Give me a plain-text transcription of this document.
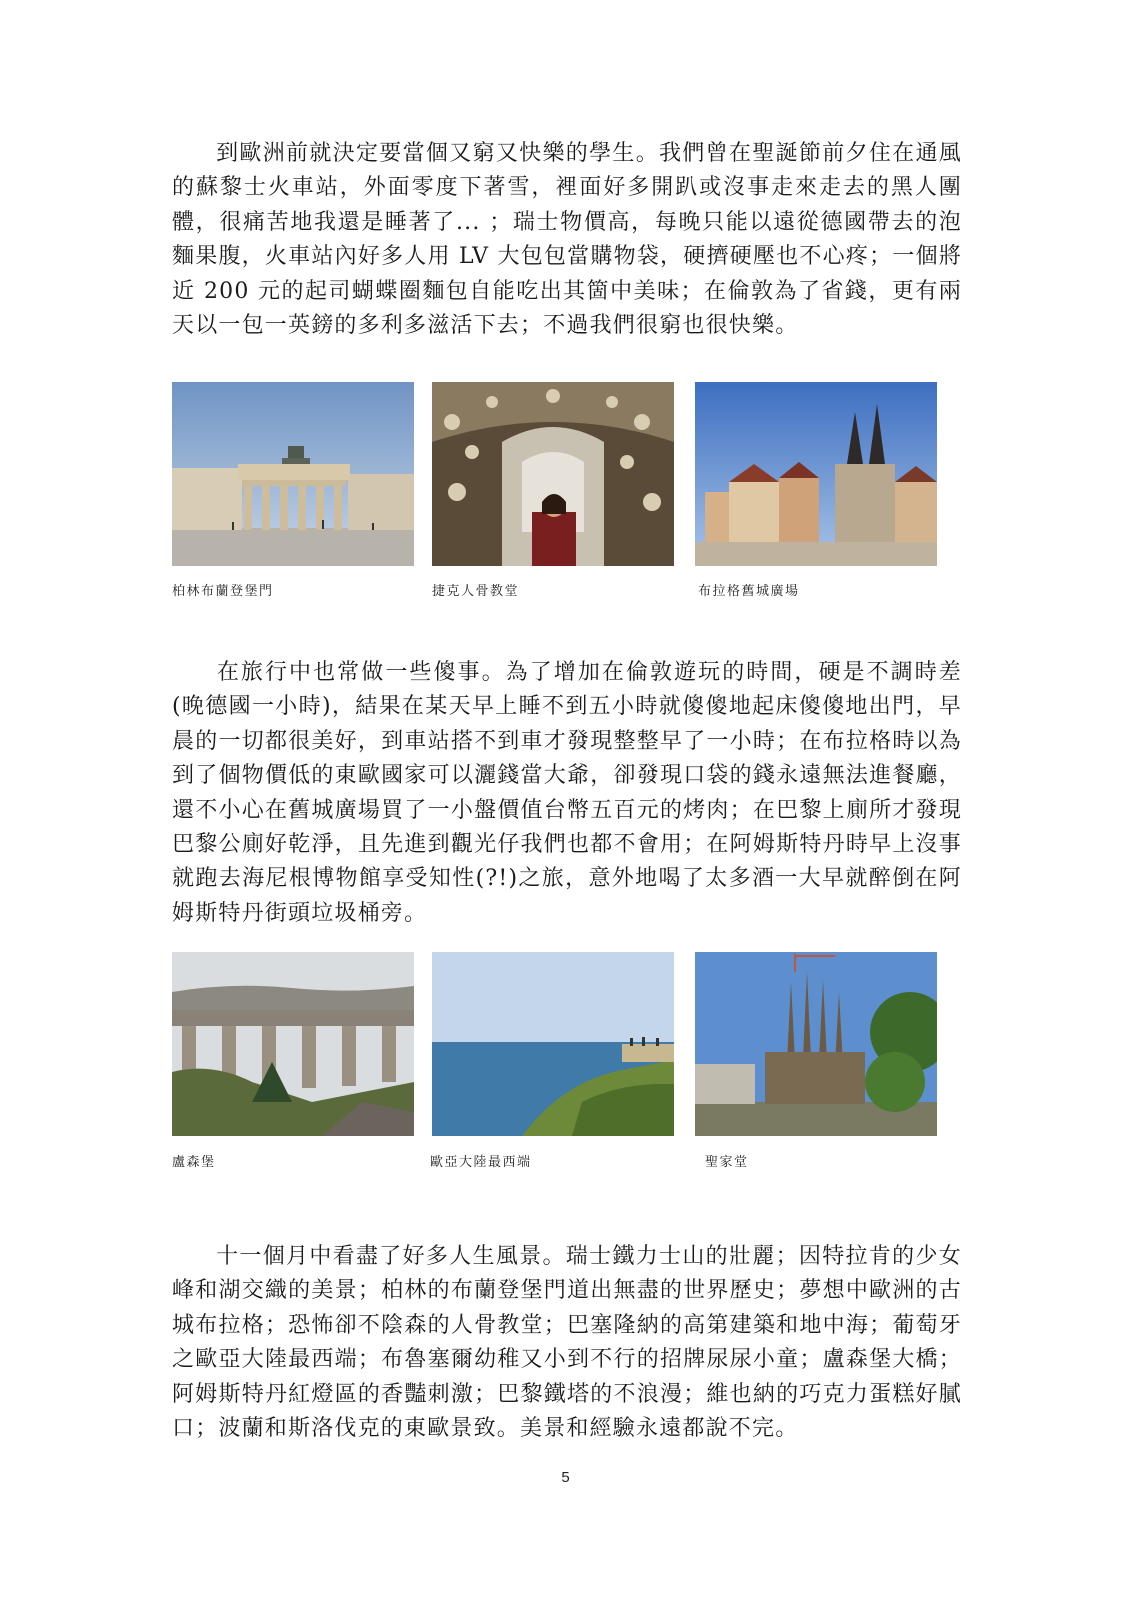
到歐洲前就決定要當個又窮又快樂的學生。我們曾在聖誕節前夕住在通風的蘇黎士火車站，外面零度下著雪，裡面好多開趴或沒事走來走去的黑人團體，很痛苦地我還是睡著了... ；瑞士物價高，每晚只能以遠從德國帶去的泡麵果腹，火車站內好多人用 LV 大包包當購物袋，硬擠硬壓也不心疼；一個將近 200 元的起司蝴蝶圈麵包自能吃出其箇中美味；在倫敦為了省錢，更有兩天以一包一英鎊的多利多滋活下去；不過我們很窮也很快樂。

柏林布蘭登堡門	捷克人骨教堂	布拉格舊城廣場

在旅行中也常做一些傻事。為了增加在倫敦遊玩的時間，硬是不調時差(晚德國一小時)，結果在某天早上睡不到五小時就傻傻地起床傻傻地出門，早晨的一切都很美好，到車站搭不到車才發現整整早了一小時；在布拉格時以為到了個物價低的東歐國家可以灑錢當大爺，卻發現口袋的錢永遠無法進餐廳，還不小心在舊城廣場買了一小盤價值台幣五百元的烤肉；在巴黎上廁所才發現巴黎公廁好乾淨，且先進到觀光仔我們也都不會用；在阿姆斯特丹時早上沒事就跑去海尼根博物館享受知性(?!)之旅，意外地喝了太多酒一大早就醉倒在阿姆斯特丹街頭垃圾桶旁。

盧森堡	歐亞大陸最西端	聖家堂

十一個月中看盡了好多人生風景。瑞士鐵力士山的壯麗；因特拉肯的少女峰和湖交織的美景；柏林的布蘭登堡門道出無盡的世界歷史；夢想中歐洲的古城布拉格；恐怖卻不陰森的人骨教堂；巴塞隆納的高第建築和地中海；葡萄牙之歐亞大陸最西端；布魯塞爾幼稚又小到不行的招牌尿尿小童；盧森堡大橋；阿姆斯特丹紅燈區的香豔刺激；巴黎鐵塔的不浪漫；維也納的巧克力蛋糕好膩口；波蘭和斯洛伐克的東歐景致。美景和經驗永遠都說不完。

5
